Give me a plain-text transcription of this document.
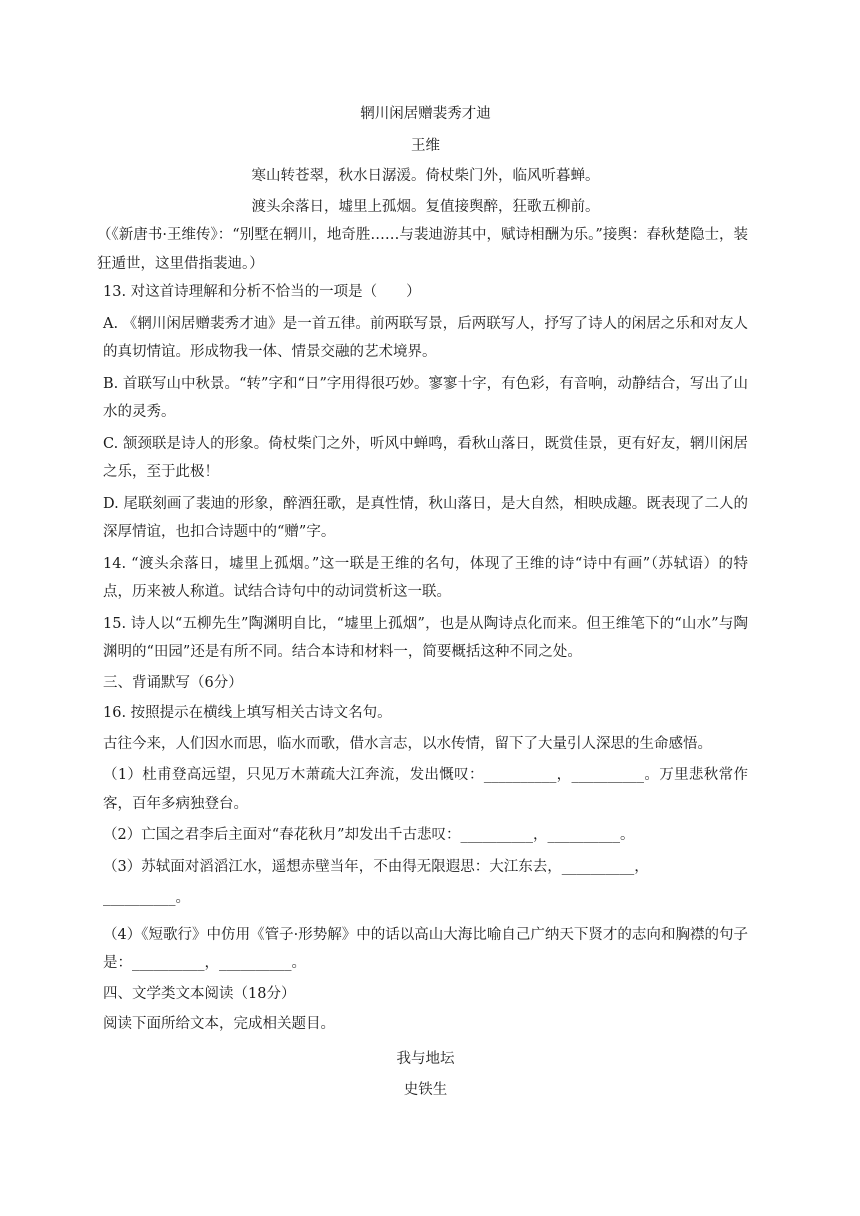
辋川闲居赠裴秀才迪
王维
寒山转苍翠，秋水日潺湲。倚杖柴门外，临风听暮蝉。
渡头余落日，墟里上孤烟。复值接舆醉，狂歌五柳前。
（《新唐书·王维传》：“别墅在辋川，地奇胜……与裴迪游其中，赋诗相酬为乐。”接舆：春秋楚隐士，装狂遁世，这里借指裴迪。）
13. 对这首诗理解和分析不恰当的一项是（　　）
A. 《辋川闲居赠裴秀才迪》是一首五律。前两联写景，后两联写人，抒写了诗人的闲居之乐和对友人的真切情谊。形成物我一体、情景交融的艺术境界。
B. 首联写山中秋景。“转”字和“日”字用得很巧妙。寥寥十字，有色彩，有音响，动静结合，写出了山水的灵秀。
C. 颔颈联是诗人的形象。倚杖柴门之外，听风中蝉鸣，看秋山落日，既赏佳景，更有好友，辋川闲居之乐，至于此极！
D. 尾联刻画了裴迪的形象，醉酒狂歌，是真性情，秋山落日，是大自然，相映成趣。既表现了二人的深厚情谊，也扣合诗题中的“赠”字。
14. “渡头余落日，墟里上孤烟。”这一联是王维的名句，体现了王维的诗“诗中有画”（苏轼语）的特点，历来被人称道。试结合诗句中的动词赏析这一联。
15. 诗人以“五柳先生”陶渊明自比，“墟里上孤烟”，也是从陶诗点化而来。但王维笔下的“山水”与陶渊明的“田园”还是有所不同。结合本诗和材料一，简要概括这种不同之处。
三、背诵默写（6分）
16. 按照提示在横线上填写相关古诗文名句。
古往今来，人们因水而思，临水而歌，借水言志，以水传情，留下了大量引人深思的生命感悟。
（1）杜甫登高远望，只见万木萧疏大江奔流，发出慨叹：__________，__________。万里悲秋常作客，百年多病独登台。
（2）亡国之君李后主面对“春花秋月”却发出千古悲叹：__________，__________。
（3）苏轼面对滔滔江水，遥想赤壁当年，不由得无限遐思：大江东去，__________，
__________。
（4）《短歌行》中仿用《管子·形势解》中的话以高山大海比喻自己广纳天下贤才的志向和胸襟的句子是：__________，__________。
四、文学类文本阅读（18分）
阅读下面所给文本，完成相关题目。
我与地坛
史铁生
